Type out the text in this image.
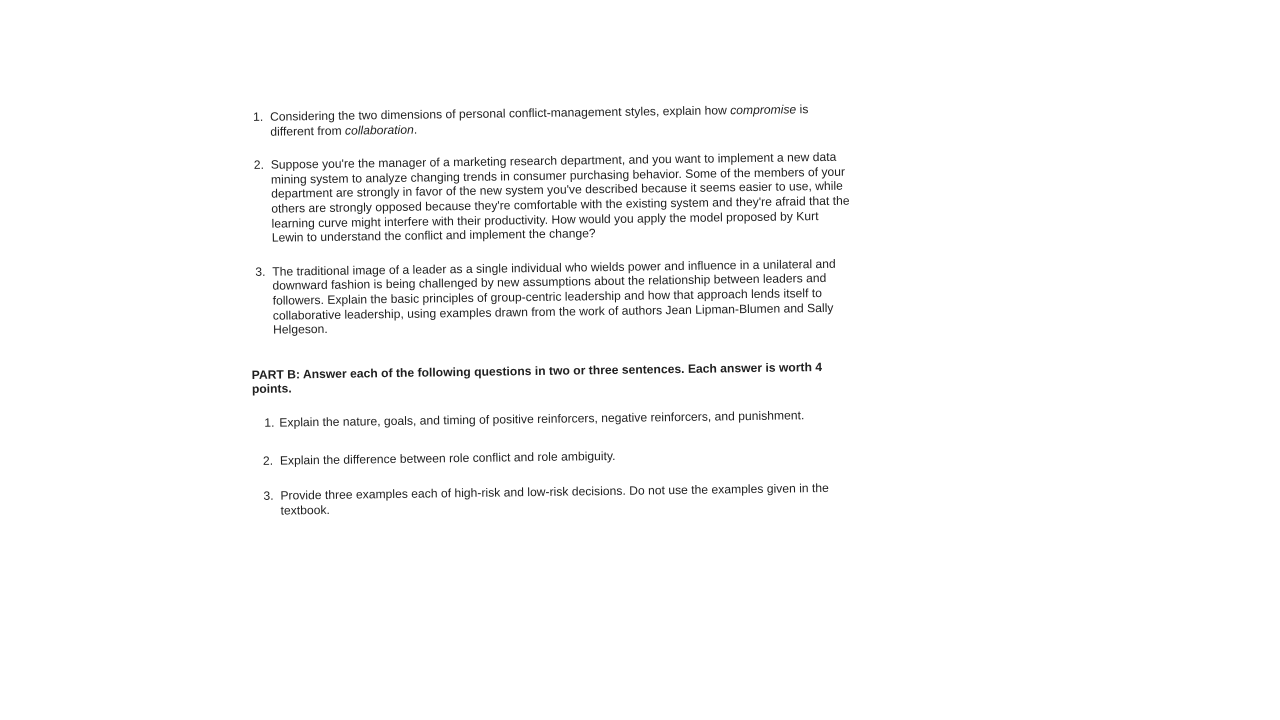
1. Considering the two dimensions of personal conflict-management styles, explain how compromise is different from collaboration.
2. Suppose you're the manager of a marketing research department, and you want to implement a new data mining system to analyze changing trends in consumer purchasing behavior. Some of the members of your department are strongly in favor of the new system you've described because it seems easier to use, while others are strongly opposed because they're comfortable with the existing system and they're afraid that the learning curve might interfere with their productivity. How would you apply the model proposed by Kurt Lewin to understand the conflict and implement the change?
3. The traditional image of a leader as a single individual who wields power and influence in a unilateral and downward fashion is being challenged by new assumptions about the relationship between leaders and followers. Explain the basic principles of group-centric leadership and how that approach lends itself to collaborative leadership, using examples drawn from the work of authors Jean Lipman-Blumen and Sally Helgeson.
PART B: Answer each of the following questions in two or three sentences. Each answer is worth 4 points.
1. Explain the nature, goals, and timing of positive reinforcers, negative reinforcers, and punishment.
2. Explain the difference between role conflict and role ambiguity.
3. Provide three examples each of high-risk and low-risk decisions. Do not use the examples given in the textbook.
